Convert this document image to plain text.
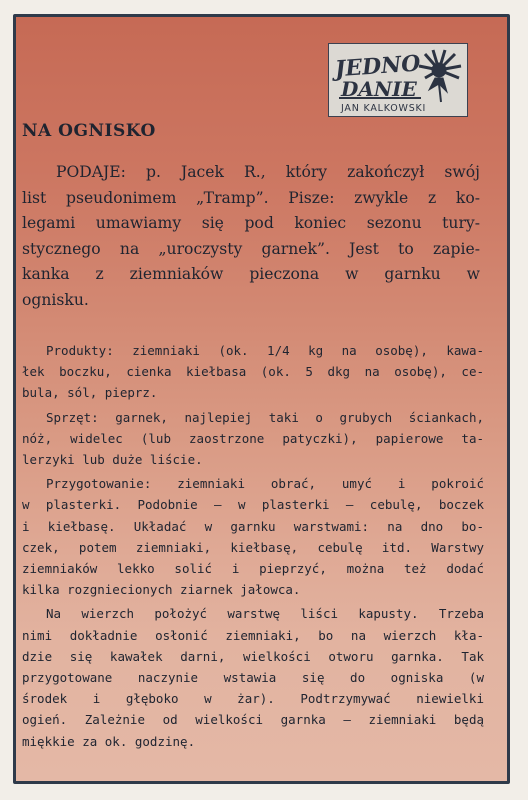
JEDNO
DANIE
JAN KALKOWSKI
NA OGNISKO

PODAJE: p. Jacek R., który zakończył swój
list pseudonimem „Tramp”. Pisze: zwykle z ko-
legami umawiamy się pod koniec sezonu tury-
stycznego na „uroczysty garnek”. Jest to zapie-
kanka z ziemniaków pieczona w garnku w
ognisku.

Produkty: ziemniaki (ok. 1/4 kg na osobę), kawa-
łek boczku, cienka kiełbasa (ok. 5 dkg na osobę), ce-
bula, sól, pieprz.
Sprzęt: garnek, najlepiej taki o grubych ściankach,
nóż, widelec (lub zaostrzone patyczki), papierowe ta-
lerzyki lub duże liście.
Przygotowanie: ziemniaki obrać, umyć i pokroić
w plasterki. Podobnie — w plasterki — cebulę, boczek
i kiełbasę. Układać w garnku warstwami: na dno bo-
czek, potem ziemniaki, kiełbasę, cebulę itd. Warstwy
ziemniaków lekko solić i pieprzyć, można też dodać
kilka rozgniecionych ziarnek jałowca.
Na wierzch położyć warstwę liści kapusty. Trzeba
nimi dokładnie osłonić ziemniaki, bo na wierzch kła-
dzie się kawałek darni, wielkości otworu garnka. Tak
przygotowane naczynie wstawia się do ogniska (w
środek i głęboko w żar). Podtrzymywać niewielki
ogień. Zależnie od wielkości garnka — ziemniaki będą
miękkie za ok. godzinę.
